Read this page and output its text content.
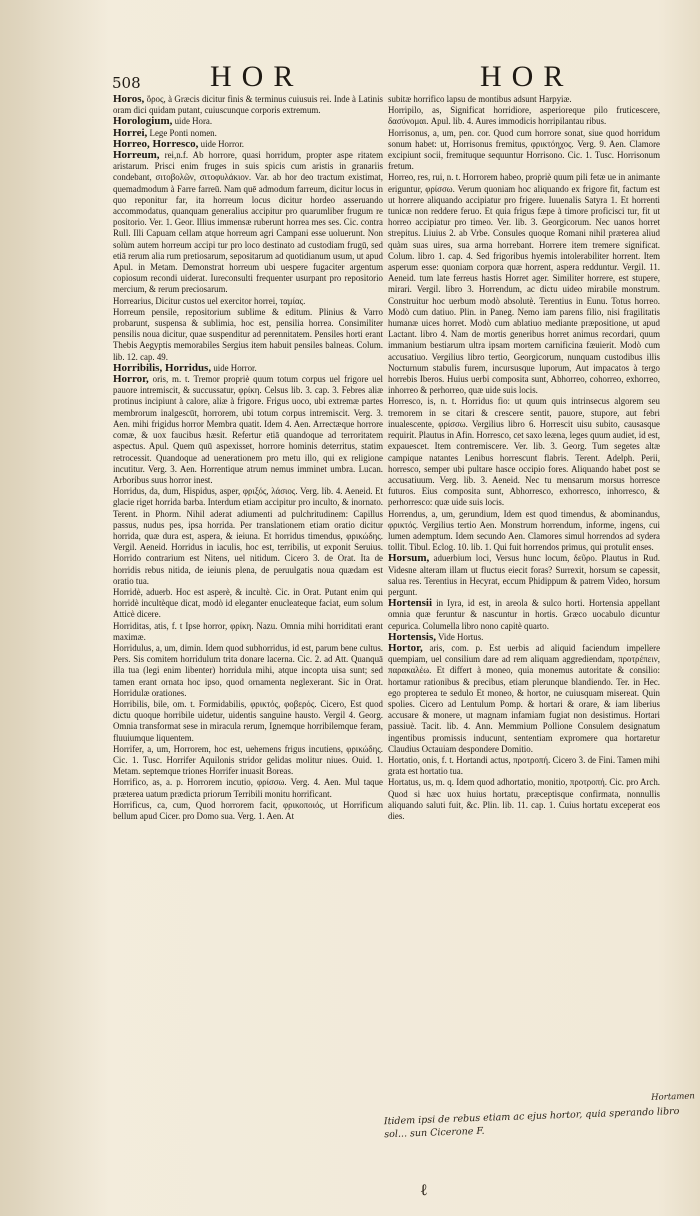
508 HOR	HOR
Horos, ὅρος, à Græcis dicitur finis & terminus cuiusuis rei. Inde à Latinis oram dici quidam putant, cuiuscunque corporis extremum.
Horologium, uide Hora.
Horrei, Lege Ponti nomen.
Horreo, Horresco, uide Horror.
Horreum, rei,n.f. Ab horrore, quasi horridum, propter aspe ritatem aristarum. Prisci enim fruges in suis spicis cum aristis in granariis condebant, σιτοβολῶν, σιτοφυλάκιον. Var. ab hor deo tractum existimat, quemadmodum à Farre farreū. Nam quē admodum farreum, dicitur locus in quo reponitur far, ita horreum locus dicitur hordeo asseruando accommodatus, quanquam generalius accipitur pro quarumliber frugum re positorio. Ver. 1. Geor. Illius immensæ ruberunt horrea mes ses. Cic. contra Rull. Illi Capuam cellam atque horreum agri Campani esse uoluerunt. Non solùm autem horreum accipi tur pro loco destinato ad custodiam frugū, sed etiā rerum alia rum pretiosarum, sepositarum ad quotidianum usum, ut apud Apul. in Metam. Demonstrat horreum ubi uespere fugaciter argentum copiosum recondi uiderat. Iureconsulti frequenter usurpant pro repositorio mercium, & rerum preciosarum.
Horrearius, Dicitur custos uel exercitor horrei, ταμίας.
Horreum pensile, repositorium sublime & editum. Plinius & Varro probarunt, suspensa & sublimia, hoc est, pensilia horrea. Consimiliter pensilis noua dicitur, quae suspenditur ad perennitatem. Pensiles horti erant Thebis Aegyptis memorabiles Sergius item habuit pensiles balneas. Colum. lib. 12. cap. 49.
Horribilis, Horridus, uide Horror.
Horror, oris, m. t. Tremor propriè quum totum corpus uel frigore uel pauore intremiscit, & succussatur, φρίκη. Celsus lib. 3. cap. 3. Febres aliæ protinus incipiunt à calore, aliæ à frigore. Frigus uoco, ubi extremæ partes membrorum inalgescūt, horrorem, ubi totum corpus intremiscit. Verg. 3. Aen. mihi frigidus horror Membra quatit. Idem 4. Aen. Arrectæque horrore comæ, & uox faucibus hæsit. Refertur etiā quandoque ad terroritatem aspectus. Apul. Quem quū aspexisset, horrore hominis deterritus, statim retrocessit. Quandoque ad uenerationem pro metu illo, qui ex religione incutitur. Verg. 3. Aen. Horrentique atrum nemus imminet umbra. Lucan. Arboribus suus horror inest.
Horridus, da, dum, Hispidus, asper, φριξός, λάσιος. Verg. lib. 4. Aeneid. Et glacie riget horrida barba. Interdum etiam accipitur pro inculto, & inornato. Terent. in Phorm. Nihil aderat adiumenti ad pulchritudinem: Capillus passus, nudus pes, ipsa horrida. Per translationem etiam oratio dicitur horrida, quæ dura est, aspera, & ieiuna. Et horridus timendus, φρικώδης. Vergil. Aeneid. Horridus in iaculis, hoc est, terribilis, ut exponit Seruius. Horrido contrarium est Nitens, uel nitidum. Cicero 3. de Orat. Ita de horridis rebus nitida, de ieiunis plena, de peruulgatis noua quædam est oratio tua.
Horridè, aduerb. Hoc est asperè, & incultè. Cic. in Orat. Putant enim qui horridè incultèque dicat, modò id eleganter enucleateque faciat, eum solum Atticè dicere.
Horriditas, atis, f. t Ipse horror, φρίκη. Nazu. Omnia mihi horriditati erant maximæ.
Horridulus, a, um, dimin. Idem quod subhorridus, id est, parum bene cultus. Pers. Sis comitem horridulum trita donare lacerna. Cic. 2. ad Att. Quanquā illa tua (legi enim libenter) horridula mihi, atque incopta uisa sunt; sed tamen erant ornata hoc ipso, quod ornamenta neglexerant. Sic in Orat. Horridulæ orationes.
Horribilis, bile, om. t. Formidabilis, φρικτός, φοβερός. Cicero, Est quod dictu quoque horribile uidetur, uidentis sanguine hausto. Vergil 4. Georg. Omnia transformat sese in miracula rerum, Ignemque horribilemque feram, fluuiumque liquentem.
Horrifer, a, um, Horrorem, hoc est, uehemens frigus incutiens, φρικώδης. Cic. 1. Tusc. Horrifer Aquilonis stridor gelidas molitur niues. Ouid. 1. Metam. septemque triones Horrifer inuasit Boreas.
Horrifico, as, a. p. Horrorem incutio, φρίσσω. Verg. 4. Aen. Mul taque præterea uatum prædicta priorum Terribili monitu horrificant.
Horrificus, ca, cum, Quod horrorem facit, φρικοποιός, ut Horrificum bellum apud Cicer. pro Domo sua. Verg. 1. Aen. At
subitæ horrifico lapsu de montibus adsunt Harpyiæ.
Horripilo, as, Significat horridiore, asperioreque pilo fruticescere, δασύνομαι. Apul. lib. 4. Aures immodicis horripilantau ribus.
Horrisonus, a, um, pen. cor. Quod cum horrore sonat, siue quod horridum sonum habet: ut, Horrisonus fremitus, φρικτόηχος. Verg. 9. Aen. Clamore excipiunt socii, fremituque sequuntur Horrisono. Cic. 1. Tusc. Horrisonum fretum.
Horreo, res, rui, n. t. Horrorem habeo, propriè quum pili fetæ ue in animante eriguntur, φρίσσω. Verum quoniam hoc aliquando ex frigore fit, factum est ut horrere aliquando accipiatur pro frigere. Iuuenalis Satyra 1. Et horrenti tunicæ non reddere feruo. Et quia frigus fæpe à timore proficisci tur, fit ut horreo accipiatur pro timeo. Ver. lib. 3. Georgicorum. Nec uanos horret strepitus. Liuius 2. ab Vrbe. Consules quoque Romani nihil præterea aliud quàm suas uires, sua arma horrebant. Horrere item tremere significat. Colum. libro 1. cap. 4. Sed frigoribus hyemis intolerabiliter horrent. Item asperum esse: quoniam corpora quæ horrent, aspera redduntur. Vergil. 11. Aeneid. tum late ferreus hastis Horret ager. Similiter horrere, est stupere, mirari. Vergil. libro 3. Horrendum, ac dictu uideo mirabile monstrum. Construitur hoc uerbum modò absolutè. Terentius in Eunu. Totus horreo. Modò cum datiuo. Plin. in Paneg. Nemo iam parens filio, nisi fragilitatis humanæ uices horret. Modò cum ablatiuo mediante præpositione, ut apud Lactant. libro 4. Nam de mortis generibus horret animus recordari, quum immanium bestiarum ultra ipsam mortem carnificina fæuierit. Modò cum accusatiuo. Vergilius libro tertio, Georgicorum, nunquam custodibus illis Nocturnum stabulis furem, incursusque luporum, Aut impacatos à tergo horrebis Iberos. Huius uerbi composita sunt, Abhorreo, cohorreo, exhorreo, inhorreo & perhorreo, quæ uide suis locis.
Horresco, is, n. t. Horridus fio: ut quum quis intrinsecus algorem seu tremorem in se citari & crescere sentit, pauore, stupore, aut febri inualescente, φρίσσω. Vergilius libro 6. Horrescit uisu subito, causasque requirit. Plautus in Afin. Horresco, cet saxo leæna, leges quum audiet, id est, expauescet. Item contremiscere. Ver. lib. 3. Georg. Tum segetes altæ campique natantes Lenibus horrescunt flabris. Terent. Adelph. Perii, horresco, semper ubi pultare hasce occipio fores. Aliquando habet post se accusatiuum. Verg. lib. 3. Aeneid. Nec tu mensarum morsus horresce futuros. Eius composita sunt, Abhorresco, exhorresco, inhorresco, & perhorresco: quæ uide suis locis.
Horrendus, a, um, gerundium, Idem est quod timendus, & abominandus, φρικτός. Vergilius tertio Aen. Monstrum horrendum, informe, ingens, cui lumen ademptum. Idem secundo Aen. Clamores simul horrendos ad sydera tollit. Tibul. Eclog. 10. lib. 1. Qui fuit horrendos primus, qui protulit enses.
Horsum, aduerbium loci, Versus hunc locum, δεῦρο. Plautus in Rud. Videsne alteram illam ut fluctus eiecit foras? Surrexit, horsum se capessit, salua res. Terentius in Hecyrat, eccum Phidippum & patrem Video, horsum pergunt.
Hortensii in Iyra, id est, in areola & sulco horti. Hortensia appellant omnia quæ feruntur & nascuntur in hortis. Græco uocabulo dicuntur cepurica. Columella libro nono capitè quarto.
Hortensis, Vide Hortus.
Hortor, aris, com. p. Est uerbis ad aliquid faciendum impellere quempiam, uel consilium dare ad rem aliquam aggrediendam, προτρέπειν, παρακαλέω. Et differt à moneo, quia monemus autoritate & consilio: hortamur rationibus & precibus, etiam plerunque blandiendo. Ter. in Hec. ego propterea te sedulo Et moneo, & hortor, ne cuiusquam misereat. Quin spolies. Cicero ad Lentulum Pomp. & hortari & orare, & iam liberius accusare & monere, ut magnam infamiam fugiat non desistimus. Hortari passiuè. Tacit. lib. 4. Ann. Memmium Pollione Consulem designatum ingentibus promissis inducunt, sententiam expromere qua hortaretur Claudius Octauiam despondere Domitio.
Hortatio, onis, f. t. Hortandi actus, προτροπή. Cicero 3. de Fini. Tamen mihi grata est hortatio tua.
Hortatus, us, m. q. Idem quod adhortatio, monitio, προτροπή. Cic. pro Arch. Quod si hæc uox huius hortatu, præceptisque confirmata, nonnullis aliquando saluti fuit, &c. Plin. lib. 11. cap. 1. Cuius hortatu exceperat eos dies.
Hortamen
Itidem ipsi de rebus etiam ac ejus hortor, quia sperando libro sol... sun Cicerone F.
ℓ
